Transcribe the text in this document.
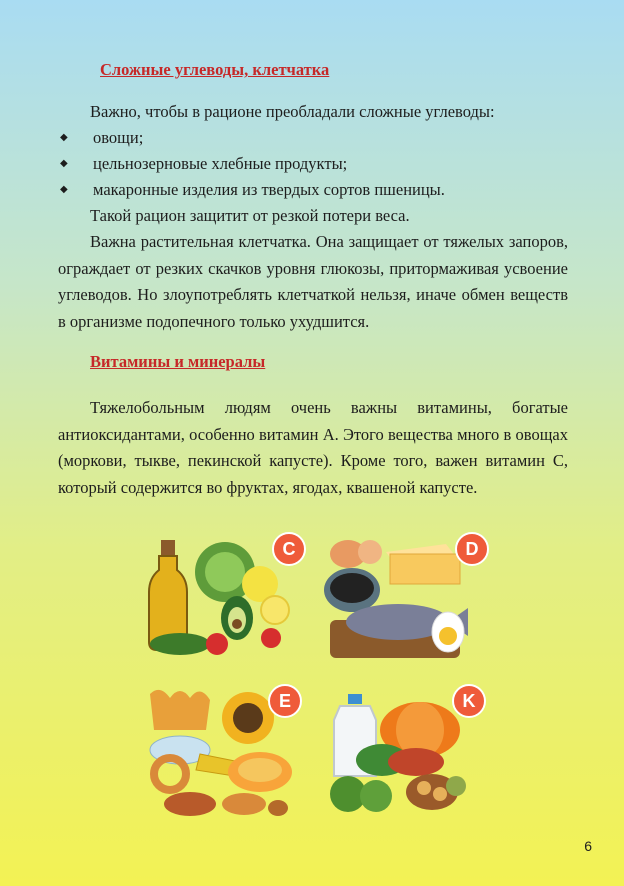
Сложные углеводы, клетчатка

Важно, чтобы в рационе преобладали сложные углеводы:

◆ овощи;
◆ цельнозерновые хлебные продукты;
◆ макаронные изделия из твердых сортов пшеницы.

Такой рацион защитит от резкой потери веса.

Важна растительная клетчатка. Она защищает от тяжелых запоров, ограждает от резких скачков уровня глюкозы, притормаживая усвоение углеводов. Но злоупотреблять клетчаткой нельзя, иначе обмен веществ в организме подопечного только ухудшится.

Витамины и минералы

Тяжелобольным людям очень важны витамины, богатые антиоксидантами, особенно витамин А. Этого вещества много в овощах (моркови, тыкве, пекинской капусте). Кроме того, важен витамин С, который содержится во фруктах, ягодах, квашеной капусте.

C	D
E	K
6
